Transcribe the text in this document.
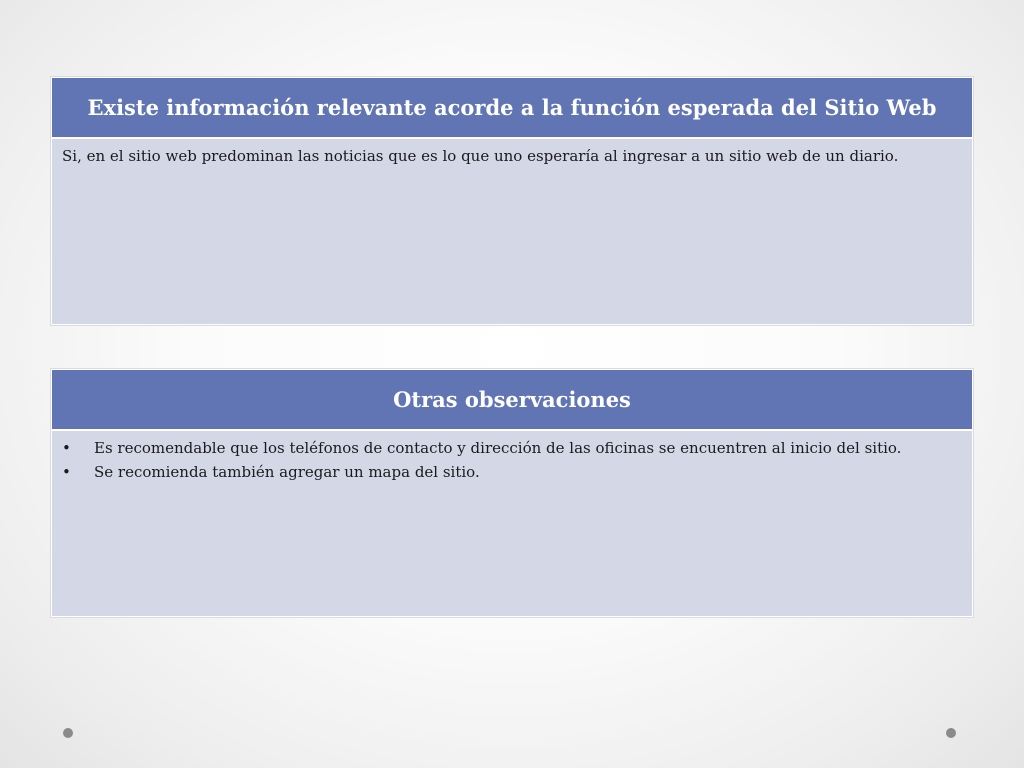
Existe información relevante acorde a la función esperada del Sitio Web

Si, en el sitio web predominan las noticias que es lo que uno esperaría al ingresar a un sitio web de un diario.

Otras observaciones
•	Es recomendable que los teléfonos de contacto y dirección de las oficinas se encuentren al inicio del sitio.
•	Se recomienda también agregar un mapa del sitio.
